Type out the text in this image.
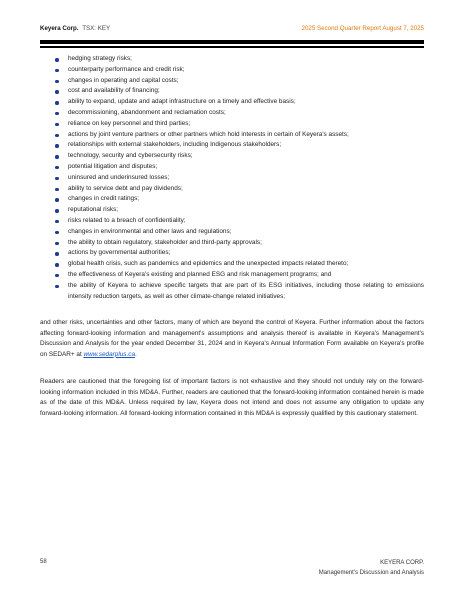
Keyera Corp. TSX: KEY	2025 Second Quarter Report August 7, 2025
hedging strategy risks;
counterparty performance and credit risk;
changes in operating and capital costs;
cost and availability of financing;
ability to expand, update and adapt infrastructure on a timely and effective basis;
decommissioning, abandonment and reclamation costs;
reliance on key personnel and third parties;
actions by joint venture partners or other partners which hold interests in certain of Keyera's assets;
relationships with external stakeholders, including Indigenous stakeholders;
technology, security and cybersecurity risks;
potential litigation and disputes;
uninsured and underinsured losses;
ability to service debt and pay dividends;
changes in credit ratings;
reputational risks;
risks related to a breach of confidentiality;
changes in environmental and other laws and regulations;
the ability to obtain regulatory, stakeholder and third-party approvals;
actions by governmental authorities;
global health crisis, such as pandemics and epidemics and the unexpected impacts related thereto;
the effectiveness of Keyera's existing and planned ESG and risk management programs; and
the ability of Keyera to achieve specific targets that are part of its ESG initiatives, including those relating to emissions intensity reduction targets, as well as other climate-change related initiatives;

and other risks, uncertainties and other factors, many of which are beyond the control of Keyera. Further information about the factors affecting forward-looking information and management's assumptions and analysis thereof is available in Keyera's Management's Discussion and Analysis for the year ended December 31, 2024 and in Keyera's Annual Information Form available on Keyera's profile on SEDAR+ at www.sedarplus.ca.

Readers are cautioned that the foregoing list of important factors is not exhaustive and they should not unduly rely on the forward-looking information included in this MD&A. Further, readers are cautioned that the forward-looking information contained herein is made as of the date of this MD&A. Unless required by law, Keyera does not intend and does not assume any obligation to update any forward-looking information. All forward-looking information contained in this MD&A is expressly qualified by this cautionary statement.

58	KEYERA CORP.
Management's Discussion and Analysis
